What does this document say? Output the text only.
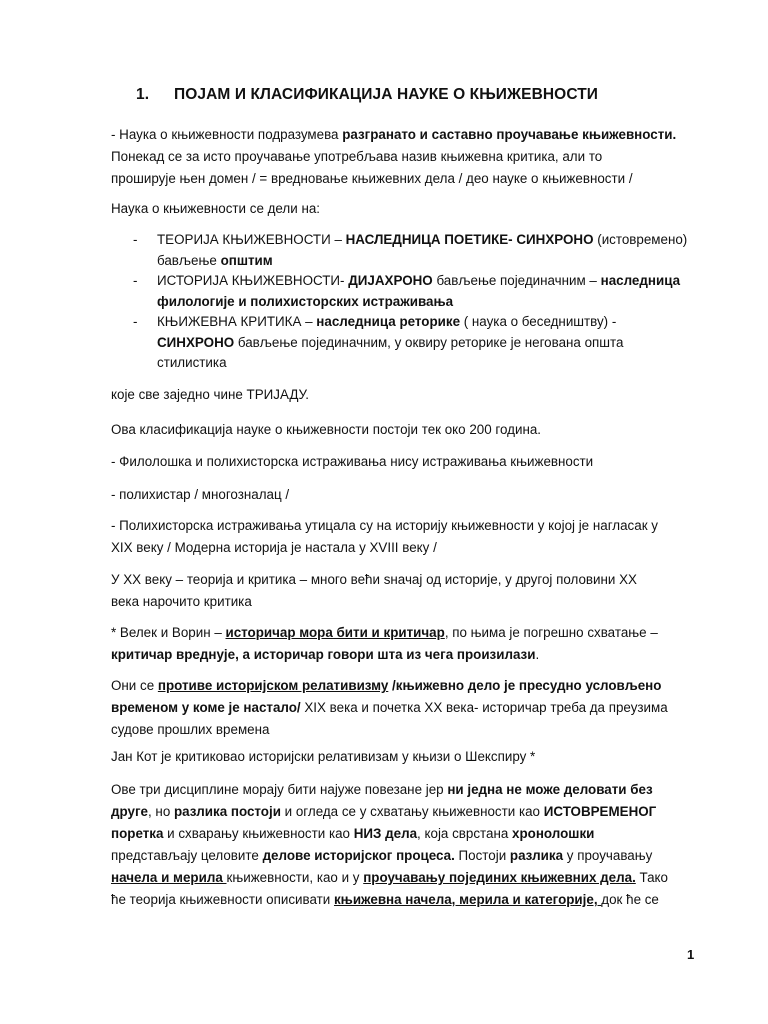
1. ПОЈАМ И КЛАСИФИКАЦИЈА НАУКЕ О КЊИЖЕВНОСТИ
- Наука о књижевности подразумева разгранато и саставно проучавање књижевности.
Понекад се за исто проучавање употребљава назив књижевна критика, али то
проширује њен домен / = вредновање књижевних дела / део науке о књижевности /
Наука о књижевности се дели на:
- ТЕОРИЈА КЊИЖЕВНОСТИ – НАСЛЕДНИЦА ПОЕТИКЕ- СИНХРОНО (истовремено)
бављење општим
- ИСТОРИЈА КЊИЖЕВНОСТИ- ДИЈАХРОНО бављење појединачним – наследница
филологије и полихисторских истраживања
- КЊИЖЕВНА КРИТИКА – наследница реторике ( наука о беседништву) -
СИНХРОНО бављење појединачним, у оквиру реторике је негована општа
стилистика
које све заједно чине ТРИЈАДУ.
Ова класификација науке о књижевности постоји тек око 200 година.
- Филолошка и полихисторска истраживања нису истраживања књижевности
- полихистар / многозналац /
- Полихисторска истраживања утицала су на историју књижевности у којој је нагласак у
XIX веку / Модерна историја је настала у XVIII веку /
У XX веку – теорија и критика – много већи sначај од историје, у другој половини XX
века нарочито критика
* Велек и Ворин – историчар мора бити и критичар, по њима је погрешно схватање –
критичар вреднује, а историчар говори шта из чега произилази.
Они се противе историјском релативизму /књижевно дело је пресудно условљено
временом у коме је настало/ XIX века и почетка XX века- историчар треба да преузима
судове прошлих времена
Јан Кот је критиковао историјски релативизам у књизи о Шекспиру *
Ове три дисциплине морају бити најуже повезане јер ни једна не може деловати без
друге, но разлика постоји и огледа се у схватању књижевности као ИСТОВРЕМЕНОГ
поретка и схварању књижевности као НИЗ дела, која сврстана хронолошки
представљају целовите делове историјског процеса. Постоји разлика у проучавању
начела и мерила књижевности, као и у проучавању појединих књижевних дела. Тако
ће теорија књижевности описивати књижевна начела, мерила и категорије, док ће се
1
